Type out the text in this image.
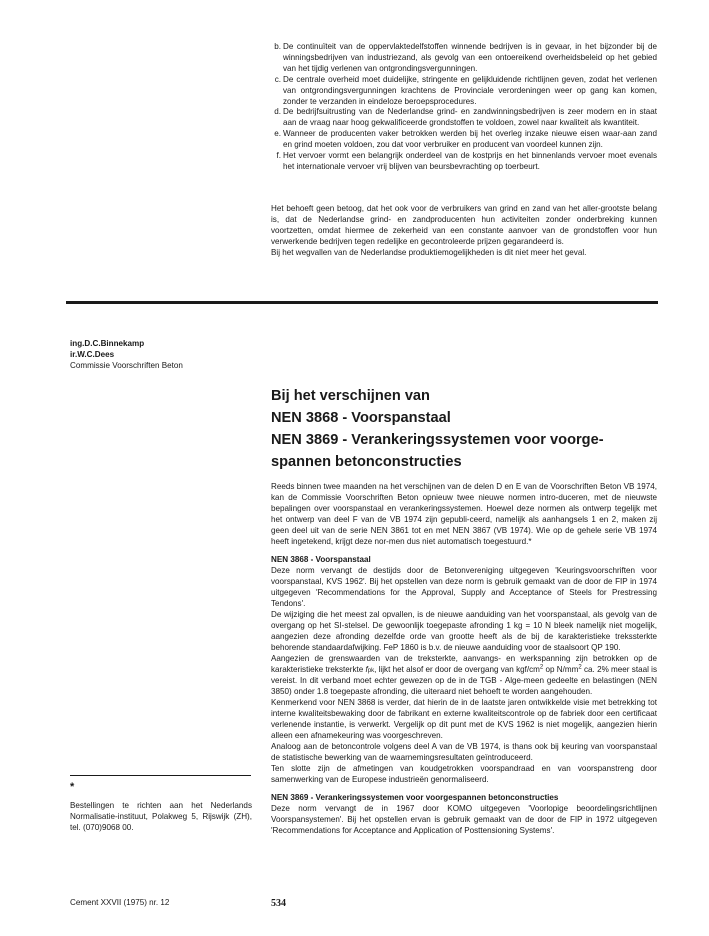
b. De continuïteit van de oppervlaktedelfstoffen winnende bedrijven is in gevaar, in het bijzonder bij de winningsbedrijven van industriezand, als gevolg van een ontoereikend overheidsbeleid op het gebied van het tijdig verlenen van ontgrondingsvergunningen.
c. De centrale overheid moet duidelijke, stringente en gelijkluidende richtlijnen geven, zodat het verlenen van ontgrondingsvergunningen krachtens de Provinciale verordeningen weer op gang kan komen, zonder te verzanden in eindeloze beroepsprocedures.
d. De bedrijfsuitrusting van de Nederlandse grind- en zandwinningsbedrijven is zeer modern en in staat aan de vraag naar hoog gekwalificeerde grondstoffen te voldoen, zowel naar kwaliteit als kwantiteit.
e. Wanneer de producenten vaker betrokken werden bij het overleg inzake nieuwe eisen waar-aan zand en grind moeten voldoen, zou dat voor verbruiker en producent van voordeel kunnen zijn.
f. Het vervoer vormt een belangrijk onderdeel van de kostprijs en het binnenlands vervoer moet evenals het internationale vervoer vrij blijven van beursbevrachting op toerbeurt.
Het behoeft geen betoog, dat het ook voor de verbruikers van grind en zand van het aller-grootste belang is, dat de Nederlandse grind- en zandproducenten hun activiteiten zonder onderbreking kunnen voortzetten, omdat hiermee de zekerheid van een constante aanvoer van de grondstoffen voor hun verwerkende bedrijven tegen redelijke en gecontroleerde prijzen gegarandeerd is.
Bij het wegvallen van de Nederlandse produktiemogelijkheden is dit niet meer het geval.
ing.D.C.Binnekamp
ir.W.C.Dees
Commissie Voorschriften Beton
Bij het verschijnen van
NEN 3868 - Voorspanstaal
NEN 3869 - Verankeringssystemen voor voorge-
spannen betonconstructies

Reeds binnen twee maanden na het verschijnen van de delen D en E van de Voorschriften Beton VB 1974, kan de Commissie Voorschriften Beton opnieuw twee nieuwe normen intro-duceren, met de nieuwste bepalingen over voorspanstaal en verankeringssystemen. Hoewel deze normen als ontwerp tegelijk met het ontwerp van deel F van de VB 1974 zijn gepubli-ceerd, namelijk als aanhangsels 1 en 2, maken zij geen deel uit van de serie NEN 3861 tot en met NEN 3867 (VB 1974). Wie op de gehele serie VB 1974 heeft ingetekend, krijgt deze nor-men dus niet automatisch toegestuurd.*

NEN 3868 - Voorspanstaal

Deze norm vervangt de destijds door de Betonvereniging uitgegeven 'Keuringsvoorschriften voor voorspanstaal, KVS 1962'. Bij het opstellen van deze norm is gebruik gemaakt van de door de FIP in 1974 uitgegeven 'Recommendations for the Approval, Supply and Acceptance of Steels for Prestressing Tendons'.

De wijziging die het meest zal opvallen, is de nieuwe aanduiding van het voorspanstaal, als gevolg van de overgang op het SI-stelsel. De gewoonlijk toegepaste afronding 1 kg = 10 N bleek namelijk niet mogelijk, aangezien deze afronding dezelfde orde van grootte heeft als de bij de karakteristieke trekssterkte behorende standaardafwijking. FeP 1860 is b.v. de nieuwe aanduiding voor de staalsoort QP 190.

Aangezien de grenswaarden van de treksterkte, aanvangs- en werkspanning zijn betrokken op de karakteristieke treksterkte fpk, lijkt het alsof er door de overgang van kgf/$cm^2$ op $N/mm^2$ ca. 2% meer staal is vereist. In dit verband moet echter gewezen op de in de TGB - Alge-meen gedeelte en belastingen (NEN 3850) onder 1.8 toegepaste afronding, die uiteraard niet behoeft te worden aangehouden.

Kenmerkend voor NEN 3868 is verder, dat hierin de in de laatste jaren ontwikkelde visie met betrekking tot interne kwaliteitsbewaking door de fabrikant en externe kwaliteitscontrole op de fabriek door een certificaat verlenende instantie, is verwerkt. Vergelijk op dit punt met de KVS 1962 is niet mogelijk, aangezien hierin alleen een afnamekeuring was voorgeschreven.

Analoog aan de betoncontrole volgens deel A van de VB 1974, is thans ook bij keuring van voorspanstaal de statistische bewerking van de waarnemingsresultaten geïntroduceerd.

Ten slotte zijn de afmetingen van koudgetrokken voorspandraad en van voorspanstreng door samenwerking van de Europese industrieën genormaliseerd.

NEN 3869 - Verankeringssystemen voor voorgespannen betonconstructies

Deze norm vervangt de in 1967 door KOMO uitgegeven 'Voorlopige beoordelingsrichtlijnen Voorspansystemen'. Bij het opstellen ervan is gebruik gemaakt van de door de FIP in 1972 uitgegeven 'Recommendations for Acceptance and Application of Posttensioning Systems'.

*
Bestellingen te richten aan het Nederlands Normalisatie-instituut, Polakweg 5, Rijswijk (ZH), tel. (070)9068 00.
Cement XXVII (1975) nr. 12	534
